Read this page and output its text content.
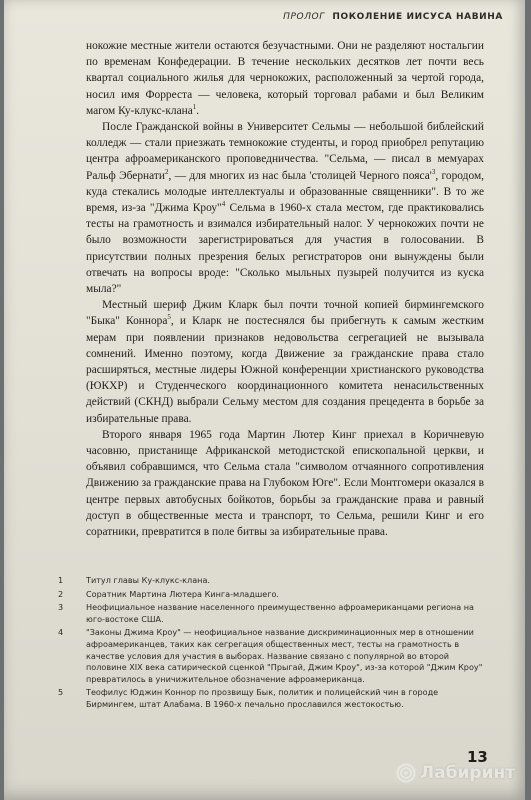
ПРОЛОГ ПОКОЛЕНИЕ ИИСУСА НАВИНА

нокожие местные жители остаются безучастными. Они не разделяют ностальгии по временам Конфедерации. В течение нескольких десятков лет почти весь квартал социального жилья для чернокожих, расположенный за чертой города, носил имя Форреста — человека, который торговал рабами и был Великим магом Ку-клукс-клана$^1$.

После Гражданской войны в Университет Сельмы — небольшой библейский колледж — стали приезжать темнокожие студенты, и город приобрел репутацию центра афроамериканского проповедничества. "Сельма, — писал в мемуарах Ральф Эбернати$^2$, — для многих из нас была 'столицей Черного $пояса'^3$, городом, куда стекались молодые интеллектуалы и образованные священники". В то же время, из-за "Джима Кроу"$^4$ Сельма в 1960-х стала местом, где практиковались тесты на грамотность и взимался избирательный налог. У чернокожих почти не было возможности зарегистрироваться для участия в голосовании. В присутствии полных презрения белых регистраторов они вынуждены были отвечать на вопросы вроде: "Сколько мыльных пузырей получится из куска мыла?"

Местный шериф Джим Кларк был почти точной копией бирмингемского "Быка" Коннора$^5$, и Кларк не постеснялся бы прибегнуть к самым жестким мерам при появлении признаков недовольства сегрегацией не вызывала сомнений. Именно поэтому, когда Движение за гражданские права стало расширяться, местные лидеры Южной конференции христианского руководства (ЮКХР) и Студенческого координационного комитета ненасильственных действий (СКНД) выбрали Сельму местом для создания прецедента в борьбе за избирательные права.

Второго января 1965 года Мартин Лютер Кинг приехал в Коричневую часовню, пристанище Африканской методистской епископальной церкви, и объявил собравшимся, что Сельма стала "символом отчаянного сопротивления Движению за гражданские права на Глубоком Юге". Если Монтгомери оказался в центре первых автобусных бойкотов, борьбы за гражданские права и равный доступ в общественные места и транспорт, то Сельма, решили Кинг и его соратники, превратится в поле битвы за избирательные права.

1	Титул главы Ку-клукс-клана.
2	Соратник Мартина Лютера Кинга-младшего.
3	Неофициальное название населенного преимущественно афроамериканцами региона на юго-востоке США.
4	"Законы Джима Кроу" — неофициальное название дискриминационных мер в отношении афроамериканцев, таких как сегрегация общественных мест, тесты на грамотность в качестве условия для участия в выборах. Название связано с популярной во второй половине XIX века сатирической сценкой "Прыгай, Джим Кроу", из-за которой "Джим Кроу" превратилось в уничижительное обозначение афроамериканца.
5	Теофилус Юджин Коннор по прозвищу Бык, политик и полицейский чин в городе Бирмингем, штат Алабама. В 1960-х печально прославился жестокостью.
13
Лабиринт
